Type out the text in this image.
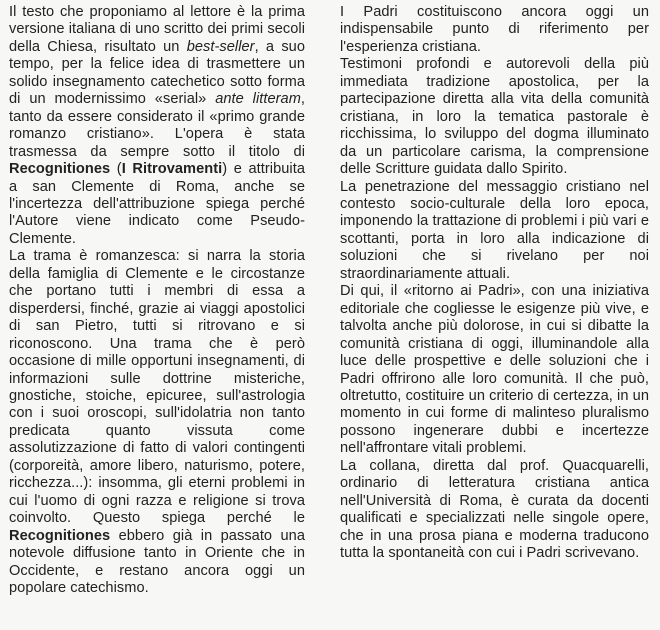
Il testo che proponiamo al lettore è la prima versione italiana di uno scritto dei primi secoli della Chiesa, risultato un best-seller, a suo tempo, per la felice idea di trasmettere un solido insegnamento catechetico sotto forma di un modernissimo «serial» ante litteram, tanto da essere considerato il «primo grande romanzo cristiano». L'opera è stata trasmessa da sempre sotto il titolo di Recognitiones (I Ritrovamenti) e attribuita a san Clemente di Roma, anche se l'incertezza dell'attribuzione spiega perché l'Autore viene indicato come Pseudo-Clemente.

La trama è romanzesca: si narra la storia della famiglia di Clemente e le circostanze che portano tutti i membri di essa a disperdersi, finché, grazie ai viaggi apostolici di san Pietro, tutti si ritrovano e si riconoscono. Una trama che è però occasione di mille opportuni insegnamenti, di informazioni sulle dottrine misteriche, gnostiche, stoiche, epicuree, sull'astrologia con i suoi oroscopi, sull'idolatria non tanto predicata quanto vissuta come assolutizzazione di fatto di valori contingenti (corporeità, amore libero, naturismo, potere, ricchezza...): insomma, gli eterni problemi in cui l'uomo di ogni razza e religione si trova coinvolto. Questo spiega perché le Recognitiones ebbero già in passato una notevole diffusione tanto in Oriente che in Occidente, e restano ancora oggi un popolare catechismo.

I Padri costituiscono ancora oggi un indispensabile punto di riferimento per l'esperienza cristiana.

Testimoni profondi e autorevoli della più immediata tradizione apostolica, per la partecipazione diretta alla vita della comunità cristiana, in loro la tematica pastorale è ricchissima, lo sviluppo del dogma illuminato da un particolare carisma, la comprensione delle Scritture guidata dallo Spirito.

La penetrazione del messaggio cristiano nel contesto socio-culturale della loro epoca, imponendo la trattazione di problemi i più vari e scottanti, porta in loro alla indicazione di soluzioni che si rivelano per noi straordinariamente attuali.

Di qui, il «ritorno ai Padri», con una iniziativa editoriale che cogliesse le esigenze più vive, e talvolta anche più dolorose, in cui si dibatte la comunità cristiana di oggi, illuminandole alla luce delle prospettive e delle soluzioni che i Padri offrirono alle loro comunità. Il che può, oltretutto, costituire un criterio di certezza, in un momento in cui forme di malinteso pluralismo possono ingenerare dubbi e incertezze nell'affrontare vitali problemi.

La collana, diretta dal prof. Quacquarelli, ordinario di letteratura cristiana antica nell'Università di Roma, è curata da docenti qualificati e specializzati nelle singole opere, che in una prosa piana e moderna traducono tutta la spontaneità con cui i Padri scrivevano.
